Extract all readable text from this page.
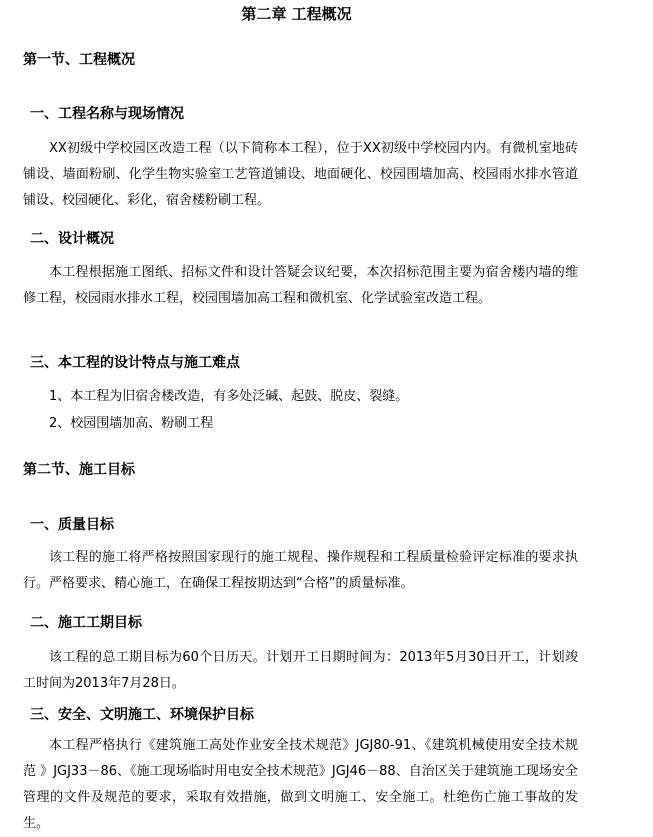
第二章 工程概况
第一节、工程概况
一、工程名称与现场情况

XX初级中学校园区改造工程（以下简称本工程），位于XX初级中学校园内内。有微机室地砖铺设、墙面粉刷、化学生物实验室工艺管道铺设、地面硬化、校园围墙加高、校园雨水排水管道铺设、校园硬化、彩化，宿舍楼粉刷工程。

二、设计概况

本工程根据施工图纸、招标文件和设计答疑会议纪要，本次招标范围主要为宿舍楼内墙的维修工程，校园雨水排水工程，校园围墙加高工程和微机室、化学试验室改造工程。

三、本工程的设计特点与施工难点
1、本工程为旧宿舍楼改造，有多处泛碱、起鼓、脱皮、裂缝。
2、校园围墙加高、粉刷工程
第二节、施工目标
一、质量目标

该工程的施工将严格按照国家现行的施工规程、操作规程和工程质量检验评定标准的要求执行。严格要求、精心施工，在确保工程按期达到“合格”的质量标准。

二、施工工期目标

该工程的总工期目标为60个日历天。计划开工日期时间为：2013年5月30日开工，计划竣工时间为2013年7月28日。

三、安全、文明施工、环境保护目标

本工程严格执行《建筑施工高处作业安全技术规范》JGJ80-91、《建筑机械使用安全技术规范 》JGJ33－86、《施工现场临时用电安全技术规范》JGJ46－88、自治区关于建筑施工现场安全管理的文件及规范的要求，采取有效措施，做到文明施工、安全施工。杜绝伤亡施工事故的发生。
